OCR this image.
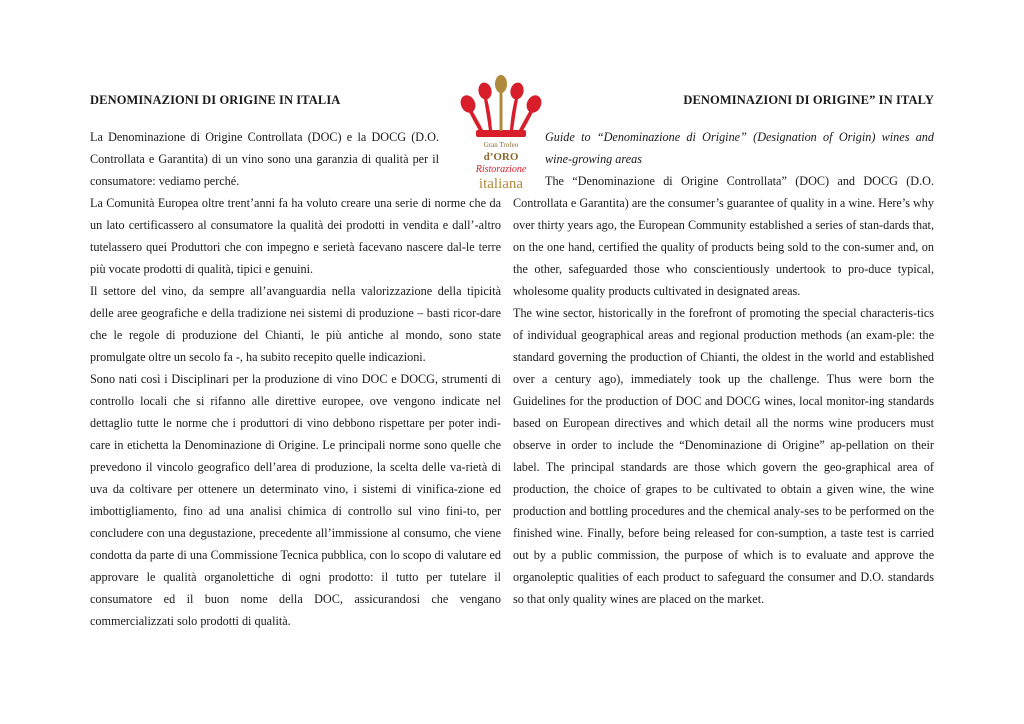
DENOMINAZIONI DI ORIGINE IN ITALIA	DENOMINAZIONI DI ORIGINE” IN ITALY
Gran Trofeo
d’ORO
Ristorazione
italiana

La Denominazione di Origine Controllata (DOC) e la DOCG (D.O. Controllata e Garantita) di un vino sono una garanzia di qualità per il consumatore: vediamo perché.

La Comunità Europea oltre trent’anni fa ha voluto creare una serie di norme che da un lato certificassero al consumatore la qualità dei prodotti in vendita e dall’-altro tutelassero quei Produttori che con impegno e serietà facevano nascere dal-le terre più vocate prodotti di qualità, tipici e genuini.

Il settore del vino, da sempre all’avanguardia nella valorizzazione della tipicità delle aree geografiche e della tradizione nei sistemi di produzione – basti ricor-dare che le regole di produzione del Chianti, le più antiche al mondo, sono state promulgate oltre un secolo fa -, ha subito recepito quelle indicazioni.

Sono nati così i Disciplinari per la produzione di vino DOC e DOCG, strumenti di controllo locali che si rifanno alle direttive europee, ove vengono indicate nel dettaglio tutte le norme che i produttori di vino debbono rispettare per poter indi-care in etichetta la Denominazione di Origine. Le principali norme sono quelle che prevedono il vincolo geografico dell’area di produzione, la scelta delle va-rietà di uva da coltivare per ottenere un determinato vino, i sistemi di vinifica-zione ed imbottigliamento, fino ad una analisi chimica di controllo sul vino fini-to, per concludere con una degustazione, precedente all’immissione al consumo, che viene condotta da parte di una Commissione Tecnica pubblica, con lo scopo di valutare ed approvare le qualità organolettiche di ogni prodotto: il tutto per tutelare il consumatore ed il buon nome della DOC, assicurandosi che vengano commercializzati solo prodotti di qualità.

Guide to “Denominazione di Origine” (Designation of Origin) wines and wine-growing areas

The “Denominazione di Origine Controllata” (DOC) and DOCG (D.O. Controllata e Garantita) are the consumer’s guarantee of quality in a wine. Here’s why over thirty years ago, the European Community established a series of stan-dards that, on the one hand, certified the quality of products being sold to the con-sumer and, on the other, safeguarded those who conscientiously undertook to pro-duce typical, wholesome quality products cultivated in designated areas.

The wine sector, historically in the forefront of promoting the special characteris-tics of individual geographical areas and regional production methods (an exam-ple: the standard governing the production of Chianti, the oldest in the world and established over a century ago), immediately took up the challenge. Thus were born the Guidelines for the production of DOC and DOCG wines, local monitor-ing standards based on European directives and which detail all the norms wine producers must observe in order to include the “Denominazione di Origine” ap-pellation on their label. The principal standards are those which govern the geo-graphical area of production, the choice of grapes to be cultivated to obtain a given wine, the wine production and bottling procedures and the chemical analy-ses to be performed on the finished wine. Finally, before being released for con-sumption, a taste test is carried out by a public commission, the purpose of which is to evaluate and approve the organoleptic qualities of each product to safeguard the consumer and D.O. standards so that only quality wines are placed on the market.
